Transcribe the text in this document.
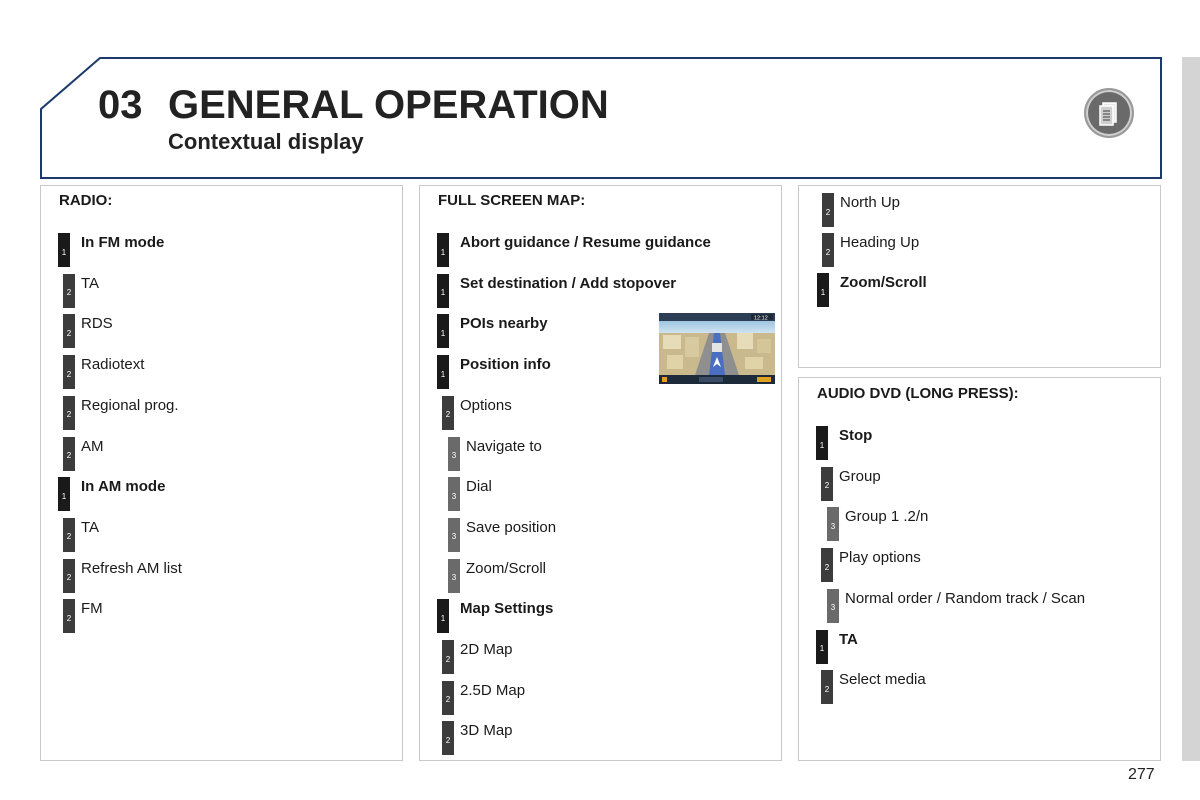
03 GENERAL OPERATION
Contextual display
RADIO:
1
In FM mode
2
TA
2
RDS
2
Radiotext
2
Regional prog.
2
AM
1
In AM mode
2
TA
2
Refresh AM list
2
FM
FULL SCREEN MAP:
1
Abort guidance / Resume guidance
1
Set destination / Add stopover
1
POIs nearby
1
Position info
2
Options
3
Navigate to
3
Dial
3
Save position
3
Zoom/Scroll
1
Map Settings
2
2D Map
2
2.5D Map
2
3D Map
12:12
2
North Up
2
Heading Up
1
Zoom/Scroll
AUDIO DVD (LONG PRESS):
1
Stop
2
Group
3
Group 1 .2/n
2
Play options
3
Normal order / Random track / Scan
1
TA
2
Select media
277
